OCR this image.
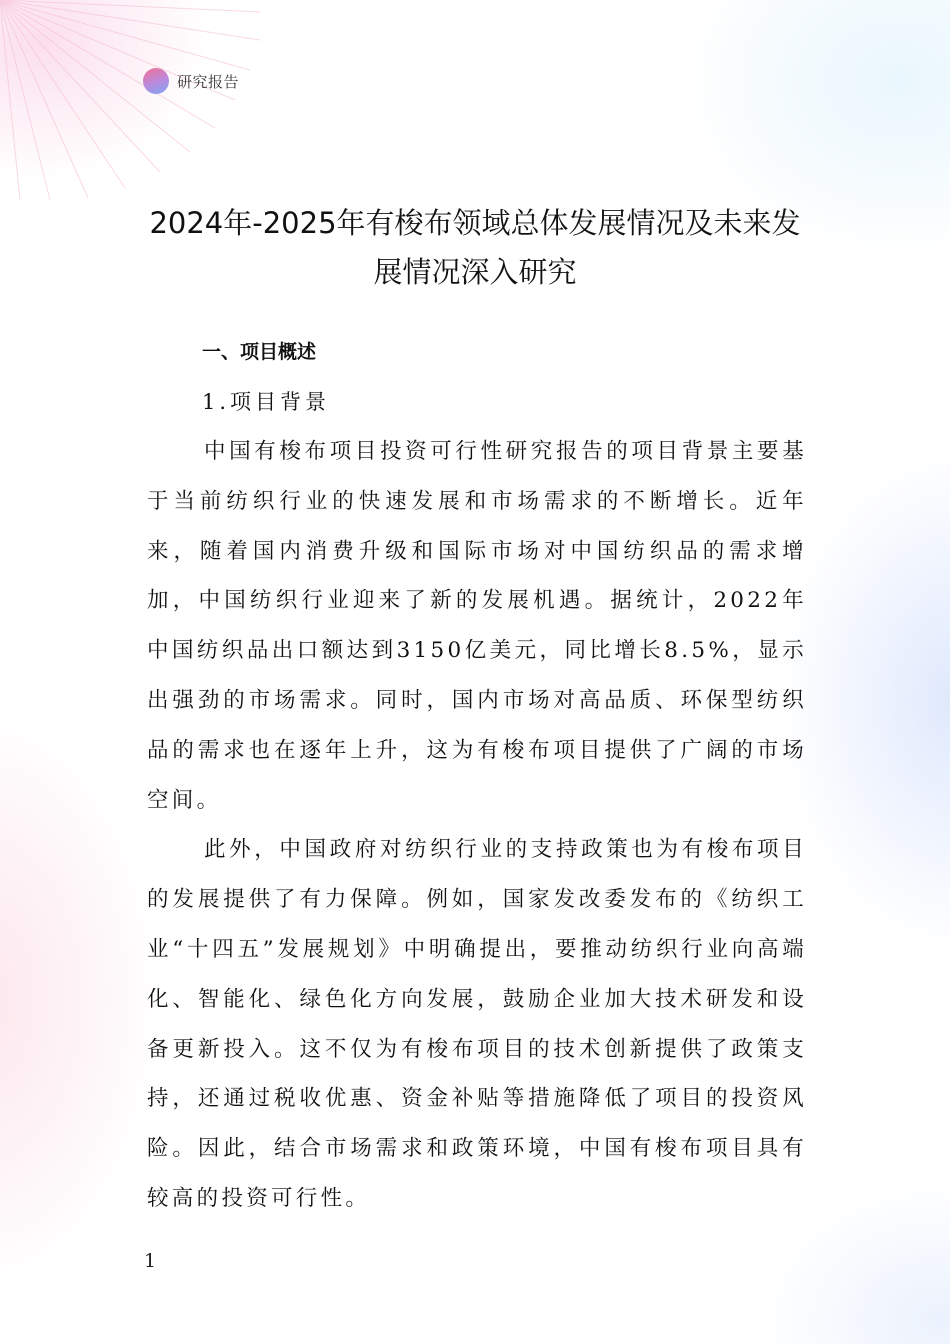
研究报告
2024年-2025年有梭布领域总体发展情况及未来发展情况深入研究
一、项目概述
1.项目背景

中国有梭布项目投资可行性研究报告的项目背景主要基于当前纺织行业的快速发展和市场需求的不断增长。近年来，随着国内消费升级和国际市场对中国纺织品的需求增加，中国纺织行业迎来了新的发展机遇。据统计，2022年中国纺织品出口额达到3150亿美元，同比增长8.5%，显示出强劲的市场需求。同时，国内市场对高品质、环保型纺织品的需求也在逐年上升，这为有梭布项目提供了广阔的市场空间。

此外，中国政府对纺织行业的支持政策也为有梭布项目的发展提供了有力保障。例如，国家发改委发布的《纺织工业“十四五”发展规划》中明确提出，要推动纺织行业向高端化、智能化、绿色化方向发展，鼓励企业加大技术研发和设备更新投入。这不仅为有梭布项目的技术创新提供了政策支持，还通过税收优惠、资金补贴等措施降低了项目的投资风险。因此，结合市场需求和政策环境，中国有梭布项目具有较高的投资可行性。

1
